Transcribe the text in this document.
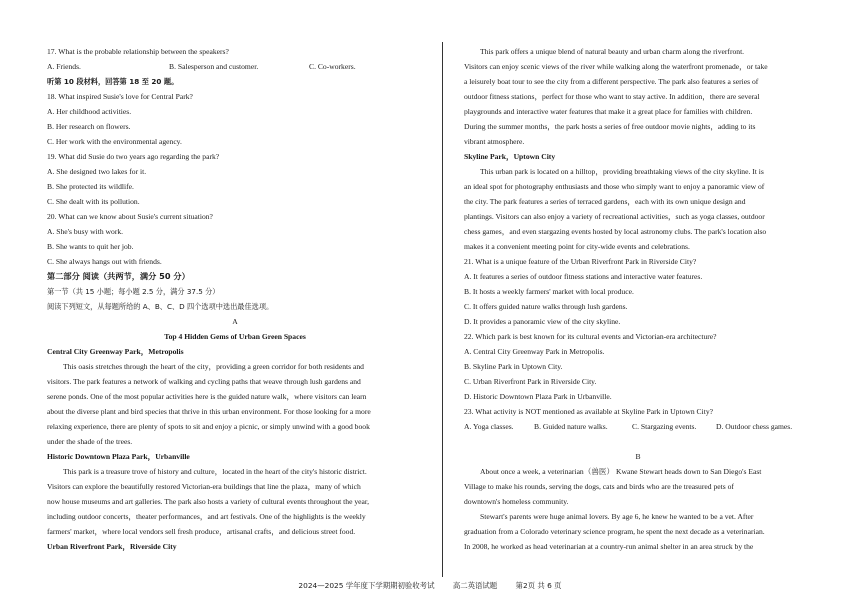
17. What is the probable relationship between the speakers?
A. Friends.	B. Salesperson and customer.	C. Co-workers.
听第 10 段材料，回答第 18 至 20 题。
18. What inspired Susie's love for Central Park?
A. Her childhood activities.
B. Her research on flowers.
C. Her work with the environmental agency.
19. What did Susie do two years ago regarding the park?
A. She designed two lakes for it.
B. She protected its wildlife.
C. She dealt with its pollution.
20. What can we know about Susie's current situation?
A. She's busy with work.
B. She wants to quit her job.
C. She always hangs out with friends.
第二部分 阅读（共两节，满分 50 分）
第一节（共 15 小题；每小题 2.5 分，满分 37.5 分）
阅读下列短文，从每题所给的 A、B、C、D 四个选项中选出最佳选项。
A
Top 4 Hidden Gems of Urban Green Spaces
Central City Greenway Park，Metropolis
This oasis stretches through the heart of the city，providing a green corridor for both residents and
visitors. The park features a network of walking and cycling paths that weave through lush gardens and
serene ponds. One of the most popular activities here is the guided nature walk，where visitors can learn
about the diverse plant and bird species that thrive in this urban environment. For those looking for a more
relaxing experience, there are plenty of spots to sit and enjoy a picnic, or simply unwind with a good book
under the shade of the trees.
Historic Downtown Plaza Park，Urbanville
This park is a treasure trove of history and culture，located in the heart of the city's historic district.
Visitors can explore the beautifully restored Victorian-era buildings that line the plaza，many of which
now house museums and art galleries. The park also hosts a variety of cultural events throughout the year,
including outdoor concerts，theater performances，and art festivals. One of the highlights is the weekly
farmers' market，where local vendors sell fresh produce，artisanal crafts，and delicious street food.
Urban Riverfront Park，Riverside City
This park offers a unique blend of natural beauty and urban charm along the riverfront.
Visitors can enjoy scenic views of the river while walking along the waterfront promenade，or take
a leisurely boat tour to see the city from a different perspective. The park also features a series of
outdoor fitness stations，perfect for those who want to stay active. In addition，there are several
playgrounds and interactive water features that make it a great place for families with children.
During the summer months，the park hosts a series of free outdoor movie nights，adding to its
vibrant atmosphere.
Skyline Park，Uptown City
This urban park is located on a hilltop，providing breathtaking views of the city skyline. It is
an ideal spot for photography enthusiasts and those who simply want to enjoy a panoramic view of
the city. The park features a series of terraced gardens，each with its own unique design and
plantings. Visitors can also enjoy a variety of recreational activities，such as yoga classes, outdoor
chess games，and even stargazing events hosted by local astronomy clubs. The park's location also
makes it a convenient meeting point for city-wide events and celebrations.
21. What is a unique feature of the Urban Riverfront Park in Riverside City?
A. It features a series of outdoor fitness stations and interactive water features.
B. It hosts a weekly farmers' market with local produce.
C. It offers guided nature walks through lush gardens.
D. It provides a panoramic view of the city skyline.
22. Which park is best known for its cultural events and Victorian-era architecture?
A. Central City Greenway Park in Metropolis.
B. Skyline Park in Uptown City.
C. Urban Riverfront Park in Riverside City.
D. Historic Downtown Plaza Park in Urbanville.
23. What activity is NOT mentioned as available at Skyline Park in Uptown City?
A. Yoga classes.	B. Guided nature walks.	C. Stargazing events.	D. Outdoor chess games.
B
About once a week, a veterinarian（兽医） Kwane Stewart heads down to San Diego's East
Village to make his rounds, serving the dogs, cats and birds who are the treasured pets of
downtown's homeless community.
Stewart's parents were huge animal lovers. By age 6, he knew he wanted to be a vet. After
graduation from a Colorado veterinary science program, he spent the next decade as a veterinarian.
In 2008, he worked as head veterinarian at a country-run animal shelter in an area struck by the
2024—2025 学年度下学期期初验收考试 高二英语试题 第2页 共 6 页
